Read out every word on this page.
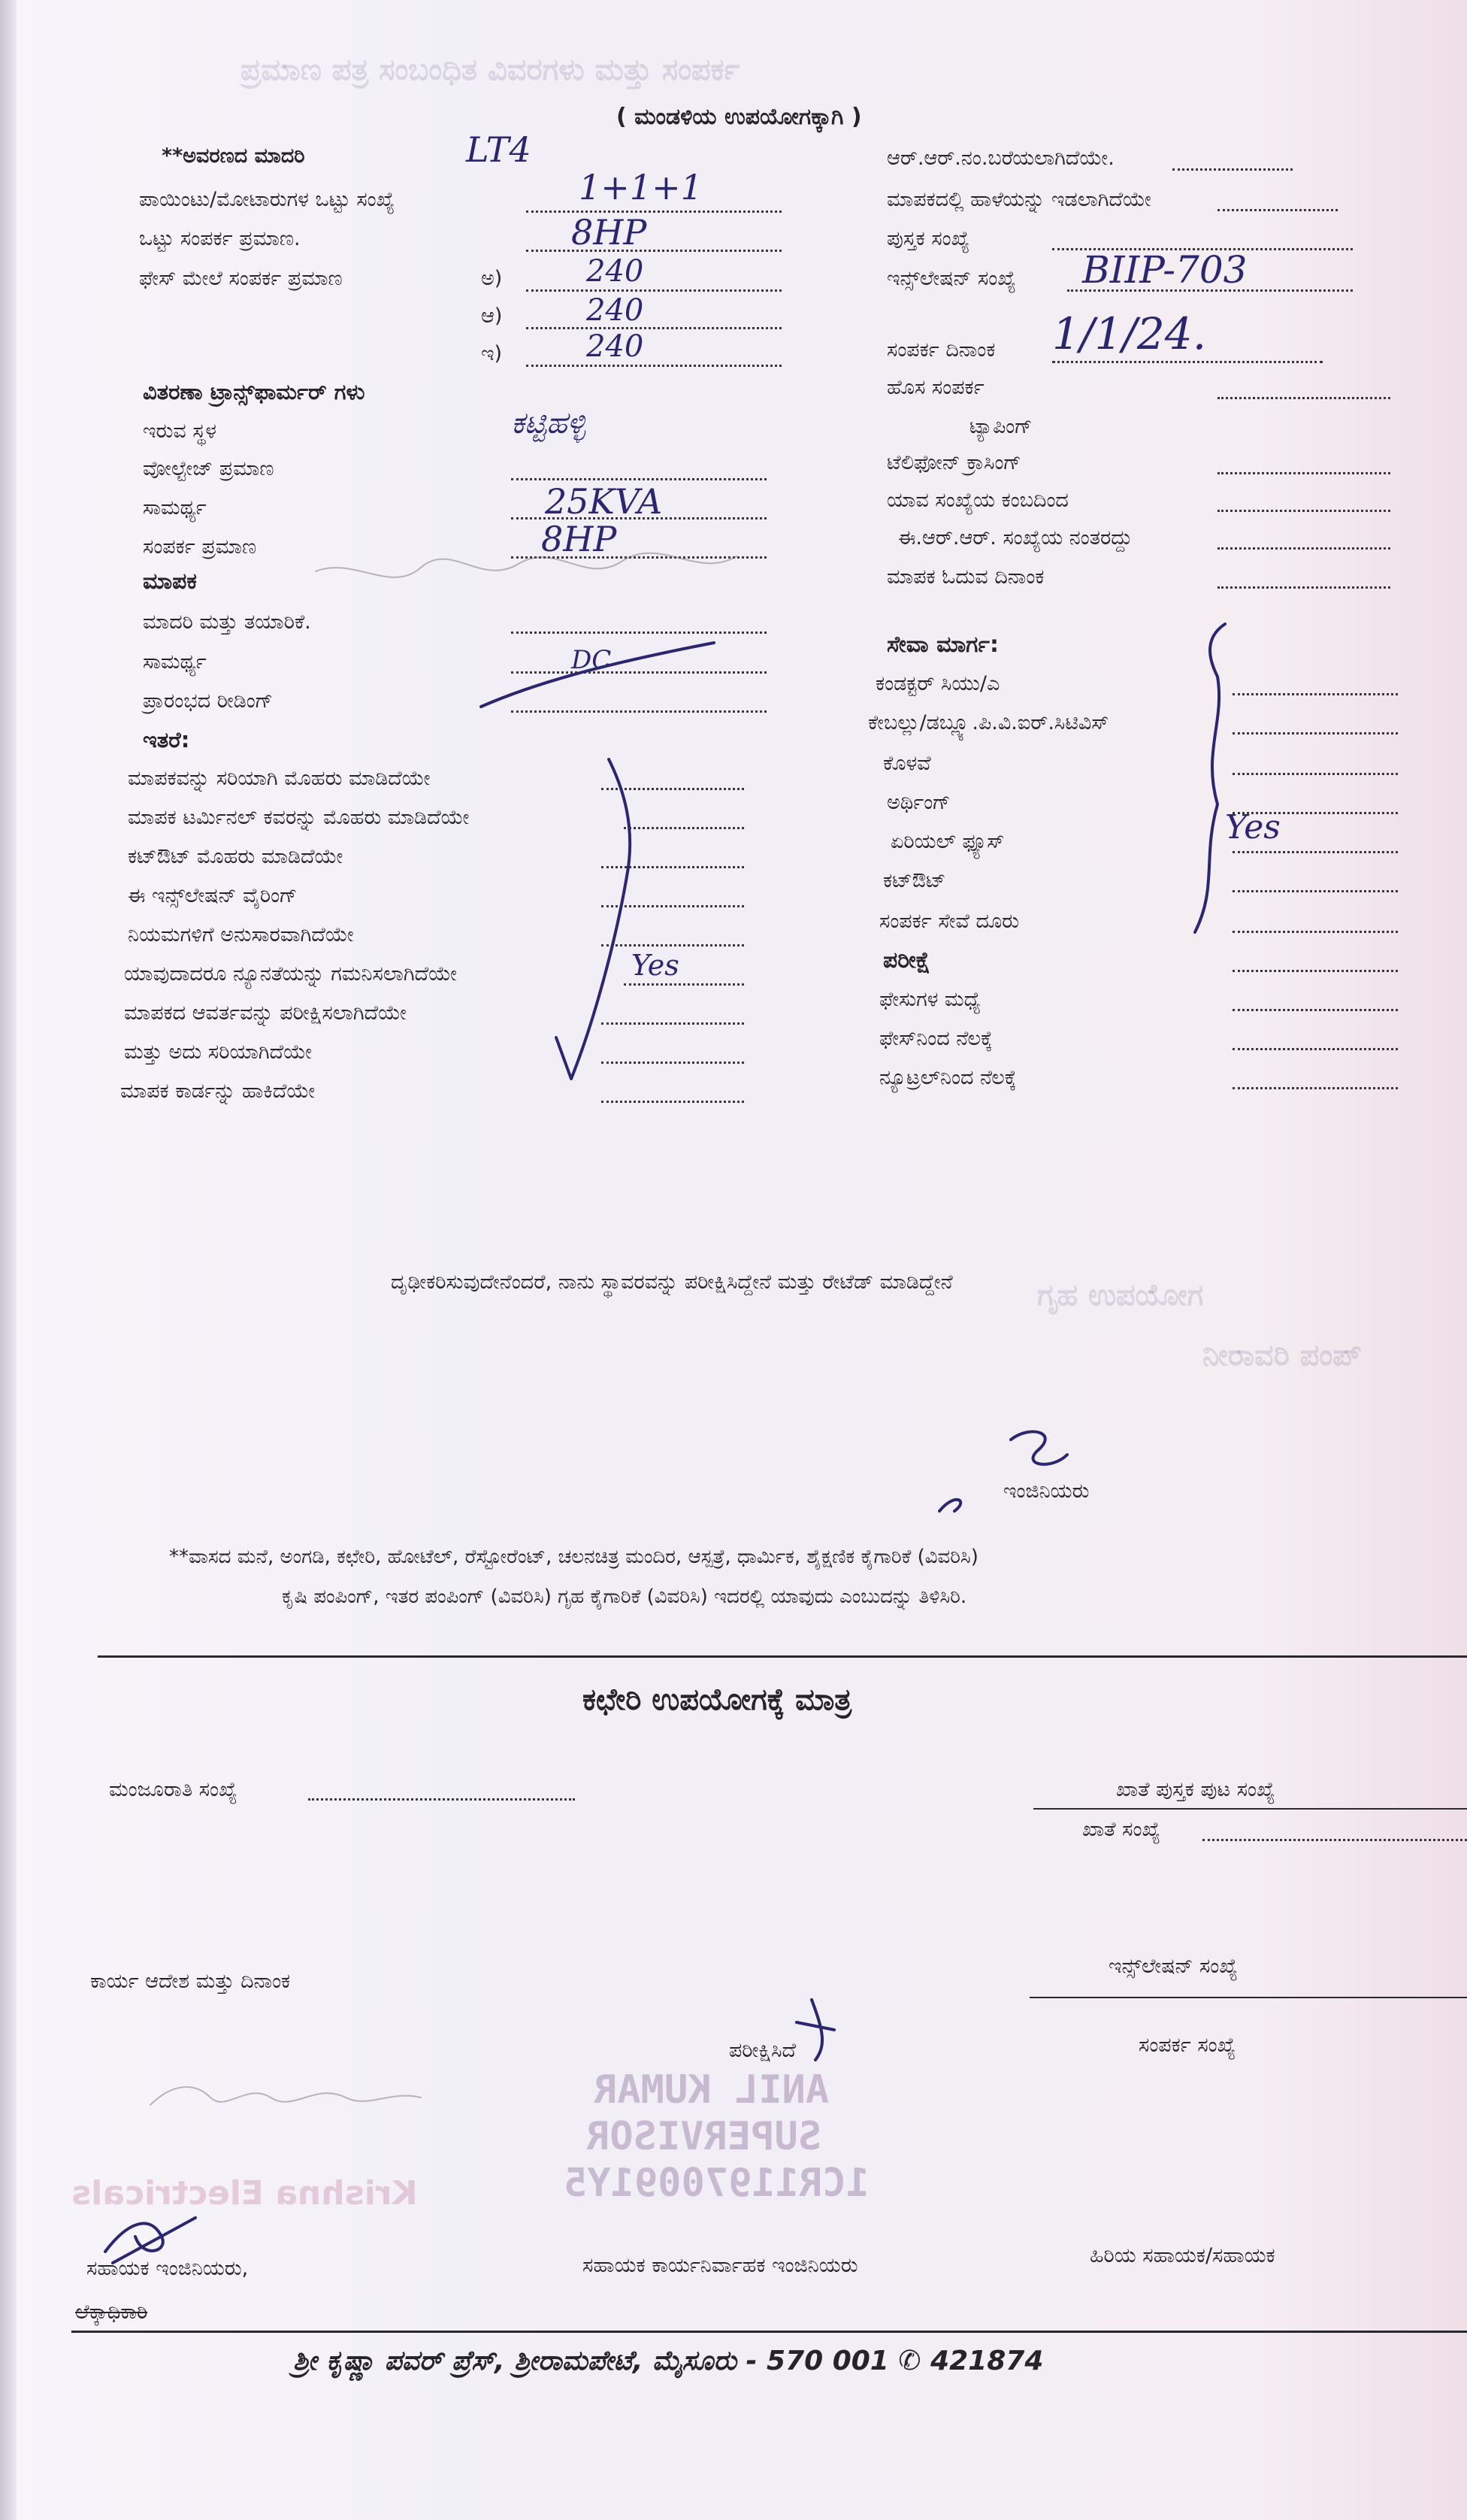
ಪ್ರಮಾಣ ಪತ್ರ ಸಂಬಂಧಿತ ವಿವರಗಳು ಮತ್ತು ಸಂಪರ್ಕ
ಗೃಹ ಉಪಯೋಗ
ನೀರಾವರಿ ಪಂಪ್
( ಮಂಡಳಿಯ ಉಪಯೋಗಕ್ಕಾಗಿ )
**ಅವರಣದ ಮಾದರಿ	LT4
ಪಾಯಿಂಟು/ಮೋಟಾರುಗಳ ಒಟ್ಟು ಸಂಖ್ಯೆ	1+1+1
ಒಟ್ಟು ಸಂಪರ್ಕ ಪ್ರಮಾಣ.	8HP
ಫೇಸ್ ಮೇಲೆ ಸಂಪರ್ಕ ಪ್ರಮಾಣ	ಅ)	240
ಆ)	240
ಇ)	240
ವಿತರಣಾ ಟ್ರಾನ್ಸ್‌ಫಾರ್ಮರ್ ಗಳು
ಇರುವ ಸ್ಥಳ	ಕಟ್ಟಿಹಳ್ಳಿ
ವೋಲ್ಟೇಜ್ ಪ್ರಮಾಣ
ಸಾಮರ್ಥ್ಯ	25KVA
ಸಂಪರ್ಕ ಪ್ರಮಾಣ	8HP
ಮಾಪಕ
ಮಾದರಿ ಮತ್ತು ತಯಾರಿಕೆ.
ಸಾಮರ್ಥ್ಯ	DC
ಪ್ರಾರಂಭದ ರೀಡಿಂಗ್
ಇತರೆ:
ಮಾಪಕವನ್ನು ಸರಿಯಾಗಿ ಮೊಹರು ಮಾಡಿದೆಯೇ
ಮಾಪಕ ಟರ್ಮಿನಲ್ ಕವರನ್ನು ಮೊಹರು ಮಾಡಿದೆಯೇ
ಕಟ್‌ಔಟ್ ಮೊಹರು ಮಾಡಿದೆಯೇ
ಈ ಇನ್ಸ್‌ಲೇಷನ್ ವೈರಿಂಗ್
ನಿಯಮಗಳಿಗೆ ಅನುಸಾರವಾಗಿದೆಯೇ
ಯಾವುದಾದರೂ ನ್ಯೂನತೆಯನ್ನು ಗಮನಿಸಲಾಗಿದೆಯೇ	Yes
ಮಾಪಕದ ಆವರ್ತವನ್ನು ಪರೀಕ್ಷಿಸಲಾಗಿದೆಯೇ
ಮತ್ತು ಅದು ಸರಿಯಾಗಿದೆಯೇ
ಮಾಪಕ ಕಾರ್ಡನ್ನು ಹಾಕಿದೆಯೇ
ಆರ್.ಆರ್.ನಂ.ಬರೆಯಲಾಗಿದೆಯೇ.
ಮಾಪಕದಲ್ಲಿ ಹಾಳೆಯನ್ನು ಇಡಲಾಗಿದೆಯೇ
ಪುಸ್ತಕ ಸಂಖ್ಯೆ
ಇನ್ಸ್‌ಲೇಷನ್ ಸಂಖ್ಯೆ BIIP-703
ಸಂಪರ್ಕ ದಿನಾಂಕ 1/1/24.
ಹೊಸ ಸಂಪರ್ಕ
ಟ್ಯಾಪಿಂಗ್
ಟೆಲಿಫೋನ್ ಕ್ರಾಸಿಂಗ್
ಯಾವ ಸಂಖ್ಯೆಯ ಕಂಬದಿಂದ
ಈ.ಆರ್.ಆರ್. ಸಂಖ್ಯೆಯ ನಂತರದ್ದು
ಮಾಪಕ ಓದುವ ದಿನಾಂಕ
ಸೇವಾ ಮಾರ್ಗ:
ಕಂಡಕ್ಟರ್ ಸಿಯು/ಎ
ಕೇಬಲ್ಲು/ಡಬ್ಲ್ಯೂ.ಪಿ.ವಿ.ಐರ್.ಸಿಟಿವಿಸ್
ಕೊಳವೆ
ಅರ್ಥಿಂಗ್
ಏರಿಯಲ್ ಫ್ಯೂಸ್	Yes
ಕಟ್‌ಔಟ್
ಸಂಪರ್ಕ ಸೇವೆ ದೂರು
ಪರೀಕ್ಷೆ
ಫೇಸುಗಳ ಮಧ್ಯೆ
ಫೇಸ್‌ನಿಂದ ನೆಲಕ್ಕೆ
ನ್ಯೂಟ್ರಲ್‌ನಿಂದ ನೆಲಕ್ಕೆ
ದೃಢೀಕರಿಸುವುದೇನೆಂದರೆ, ನಾನು ಸ್ಥಾವರವನ್ನು ಪರೀಕ್ಷಿಸಿದ್ದೇನೆ ಮತ್ತು ರೇಟೆಡ್ ಮಾಡಿದ್ದೇನೆ
ಇಂಜಿನಿಯರು
**ವಾಸದ ಮನೆ, ಅಂಗಡಿ, ಕಛೇರಿ, ಹೋಟೆಲ್, ರೆಸ್ಟೋರೆಂಟ್, ಚಲನಚಿತ್ರ ಮಂದಿರ, ಆಸ್ಪತ್ರೆ, ಧಾರ್ಮಿಕ, ಶೈಕ್ಷಣಿಕ ಕೈಗಾರಿಕೆ (ವಿವರಿಸಿ)
ಕೃಷಿ ಪಂಪಿಂಗ್, ಇತರ ಪಂಪಿಂಗ್ (ವಿವರಿಸಿ) ಗೃಹ ಕೈಗಾರಿಕೆ (ವಿವರಿಸಿ) ಇದರಲ್ಲಿ ಯಾವುದು ಎಂಬುದನ್ನು ತಿಳಿಸಿರಿ.
ಕಛೇರಿ ಉಪಯೋಗಕ್ಕೆ ಮಾತ್ರ
ಮಂಜೂರಾತಿ ಸಂಖ್ಯೆ	ಖಾತೆ ಪುಸ್ತಕ ಪುಟ ಸಂಖ್ಯೆ
ಖಾತೆ ಸಂಖ್ಯೆ
ಕಾರ್ಯ ಆದೇಶ ಮತ್ತು ದಿನಾಂಕ
ಇನ್ಸ್‌ಲೇಷನ್ ಸಂಖ್ಯೆ
ಪರೀಕ್ಷಿಸಿದೆ	ಸಂಪರ್ಕ ಸಂಖ್ಯೆ
ANIL KUMAR
SUPERVISOR
1CR11970091Y5
Krishna Electricals
ಸಹಾಯಕ ಇಂಜಿನಿಯರು,
ಲೆಕ್ಕಾಧಿಕಾರಿ
ಸಹಾಯಕ ಕಾರ್ಯನಿರ್ವಾಹಕ ಇಂಜಿನಿಯರು	ಹಿರಿಯ ಸಹಾಯಕ/ಸಹಾಯಕ
ಶ್ರೀ ಕೃಷ್ಣಾ ಪವರ್ ಪ್ರೆಸ್, ಶ್ರೀರಾಮಪೇಟೆ, ಮೈಸೂರು - 570 001 ✆ 421874
